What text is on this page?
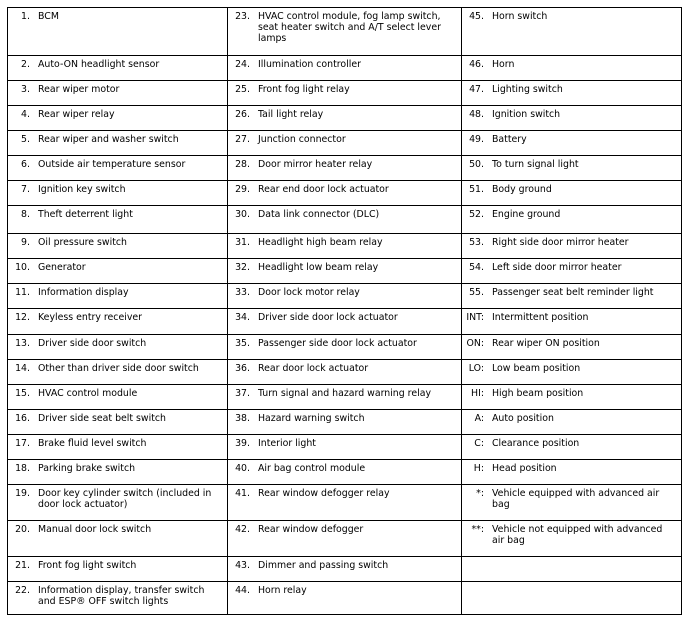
1. BCM	23. HVAC control module, fog lamp switch, seat heater switch and A/T select lever lamps	45. Horn switch

2. Auto-ON headlight sensor	24. Illumination controller	46. Horn

3. Rear wiper motor	25. Front fog light relay	47. Lighting switch

4. Rear wiper relay	26. Tail light relay	48. Ignition switch

5. Rear wiper and washer switch	27. Junction connector	49. Battery

6. Outside air temperature sensor	28. Door mirror heater relay	50. To turn signal light

7. Ignition key switch	29. Rear end door lock actuator	51. Body ground

8. Theft deterrent light	30. Data link connector (DLC)	52. Engine ground

9. Oil pressure switch	31. Headlight high beam relay	53. Right side door mirror heater

10. Generator	32. Headlight low beam relay	54. Left side door mirror heater

11. Information display	33. Door lock motor relay	55. Passenger seat belt reminder light

12. Keyless entry receiver	34. Driver side door lock actuator	INT: Intermittent position

13. Driver side door switch	35. Passenger side door lock actuator	ON: Rear wiper ON position

14. Other than driver side door switch	36. Rear door lock actuator	LO: Low beam position

15. HVAC control module	37. Turn signal and hazard warning relay	HI: High beam position

16. Driver side seat belt switch	38. Hazard warning switch	A: Auto position

17. Brake fluid level switch	39. Interior light	C: Clearance position

18. Parking brake switch	40. Air bag control module	H: Head position

19. Door key cylinder switch (included in door lock actuator)	41. Rear window defogger relay	*: Vehicle equipped with advanced air bag

20. Manual door lock switch	42. Rear window defogger	**: Vehicle not equipped with advanced air bag

21. Front fog light switch	43. Dimmer and passing switch	

22. Information display, transfer switch and ESP® OFF switch lights	44. Horn relay	
